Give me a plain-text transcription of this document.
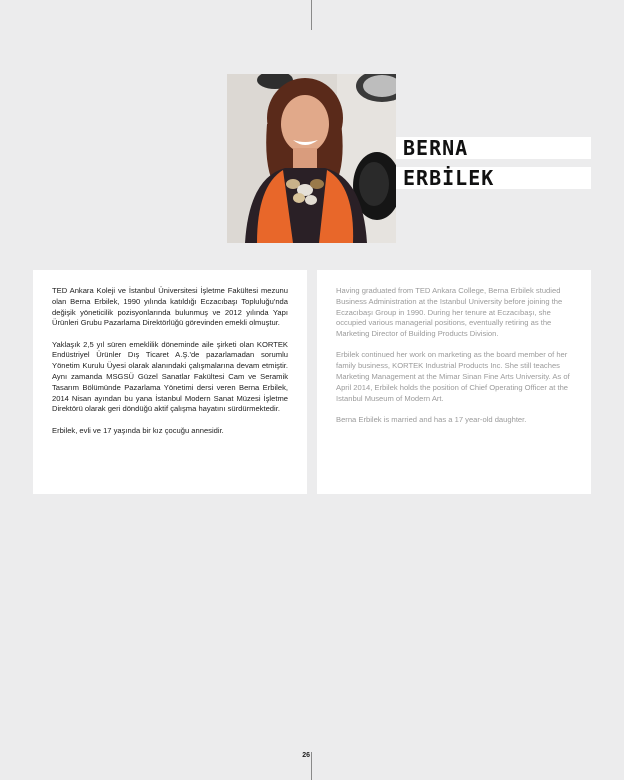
BERNA
ERBİLEK

TED Ankara Koleji ve İstanbul Üniversitesi İşletme Fakültesi mezunu olan Berna Erbilek, 1990 yılında katıldığı Eczacıbaşı Topluluğu'nda değişik yöneticilik pozisyonlarında bulunmuş ve 2012 yılında Yapı Ürünleri Grubu Pazarlama Direktörlüğü görevinden emekli olmuştur.

Yaklaşık 2,5 yıl süren emeklilik döneminde aile şirketi olan KORTEK Endüstriyel Ürünler Dış Ticaret A.Ş.'de pazarlamadan sorumlu Yönetim Kurulu Üyesi olarak alanındaki çalışmalarına devam etmiştir. Aynı zamanda MSGSÜ Güzel Sanatlar Fakültesi Cam ve Seramik Tasarım Bölümünde Pazarlama Yönetimi dersi veren Berna Erbilek, 2014 Nisan ayından bu yana İstanbul Modern Sanat Müzesi İşletme Direktörü olarak geri döndüğü aktif çalışma hayatını sürdürmektedir.

Erbilek, evli ve 17 yaşında bir kız çocuğu annesidir.

Having graduated from TED Ankara College, Berna Erbilek studied Business Administration at the Istanbul University before joining the Eczacıbaşı Group in 1990. During her tenure at Eczacıbaşı, she occupied various managerial positions, eventually retiring as the Marketing Director of Building Products Division.

Erbilek continued her work on marketing as the board member of her family business, KORTEK Industrial Products Inc. She still teaches Marketing Management at the Mimar Sinan Fine Arts University. As of April 2014, Erbilek holds the position of Chief Operating Officer at the Istanbul Museum of Modern Art.

Berna Erbilek is married and has a 17 year-old daughter.

26
